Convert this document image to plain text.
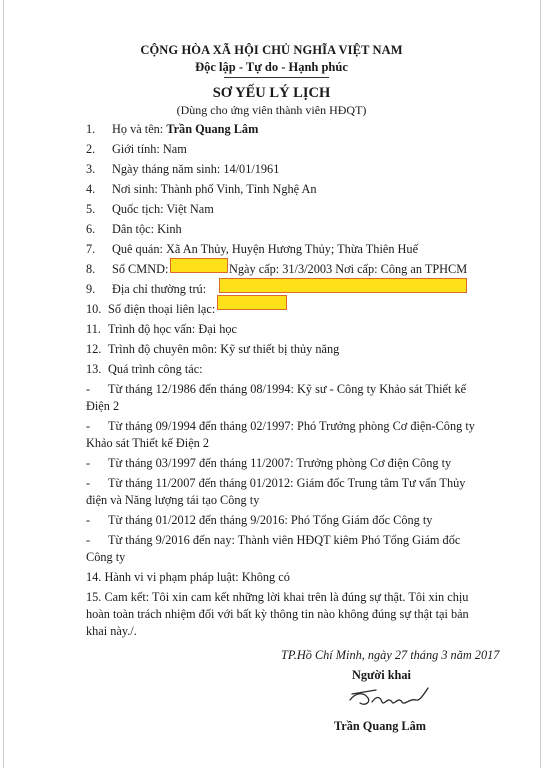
CỘNG HÒA XÃ HỘI CHỦ NGHĨA VIỆT NAM
Độc lập - Tự do - Hạnh phúc
SƠ YẾU LÝ LỊCH
(Dùng cho ứng viên thành viên HĐQT)
1. Họ và tên: Trần Quang Lâm
2. Giới tính: Nam
3. Ngày tháng năm sinh: 14/01/1961
4. Nơi sinh: Thành phố Vinh, Tỉnh Nghệ An
5. Quốc tịch: Việt Nam
6. Dân tộc: Kinh
7. Quê quán: Xã An Thủy, Huyện Hương Thủy; Thừa Thiên Huế
8. Số CMND:	Ngày cấp: 31/3/2003 Nơi cấp: Công an TPHCM
9. Địa chỉ thường trú:
10. Số điện thoại liên lạc:
11. Trình độ học vấn: Đại học
12. Trình độ chuyên môn: Kỹ sư thiết bị thủy năng
13. Quá trình công tác:
- Từ tháng 12/1986 đến tháng 08/1994: Kỹ sư - Công ty Khảo sát Thiết kế
Điện 2
- Từ tháng 09/1994 đến tháng 02/1997: Phó Trưởng phòng Cơ điện-Công ty
Khảo sát Thiết kế Điện 2
- Từ tháng 03/1997 đến tháng 11/2007: Trưởng phòng Cơ điện Công ty
- Từ tháng 11/2007 đến tháng 01/2012: Giám đốc Trung tâm Tư vấn Thủy
điện và Năng lượng tái tạo Công ty
- Từ tháng 01/2012 đến tháng 9/2016: Phó Tổng Giám đốc Công ty
- Từ tháng 9/2016 đến nay: Thành viên HĐQT kiêm Phó Tổng Giám đốc
Công ty
14. Hành vi vi phạm pháp luật: Không có
15. Cam kết: Tôi xin cam kết những lời khai trên là đúng sự thật. Tôi xin chịu
hoàn toàn trách nhiệm đối với bất kỳ thông tin nào không đúng sự thật tại bản
khai này./.
TP.Hồ Chí Minh, ngày 27 tháng 3 năm 2017
Người khai
Trần Quang Lâm
